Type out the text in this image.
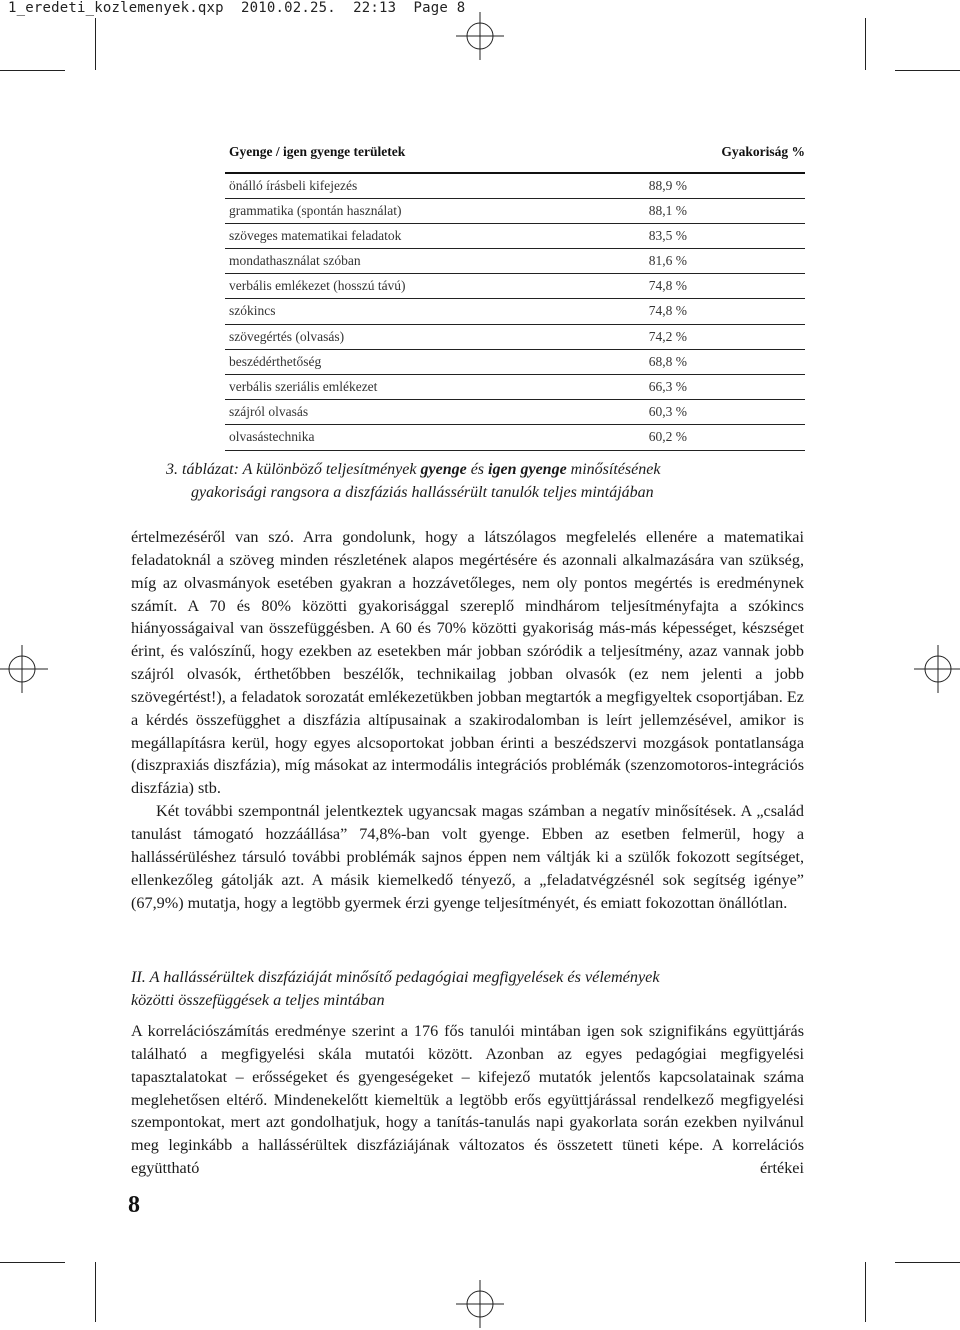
1_eredeti_kozlemenyek.qxp  2010.02.25.  22:13  Page 8
Gyenge / igen gyenge területek	Gyakoriság %
önálló írásbeli kifejezés	88,9 %
grammatika (spontán használat)	88,1 %
szöveges matematikai feladatok	83,5 %
mondathasználat szóban	81,6 %
verbális emlékezet (hosszú távú)	74,8 %
szókincs	74,8 %
szövegértés (olvasás)	74,2 %
beszédérthetőség	68,8 %
verbális szeriális emlékezet	66,3 %
szájról olvasás	60,3 %
olvasástechnika	60,2 %
3. táblázat: A különböző teljesítmények gyenge és igen gyenge minősítésének
gyakorisági rangsora a diszfáziás hallássérült tanulók teljes mintájában

értelmezéséről van szó. Arra gondolunk, hogy a látszólagos megfelelés ellenére a matematikai feladatoknál a szöveg minden részletének alapos megértésére és azonnali alkalmazására van szükség, míg az olvasmányok esetében gyakran a hozzávetőleges, nem oly pontos megértés is eredménynek számít. A 70 és 80% közötti gyakorisággal szereplő mindhárom teljesítményfajta a szókincs hiányosságaival van összefüggésben. A 60 és 70% közötti gyakoriság más-más képességet, készséget érint, és valószínű, hogy ezekben az esetekben már jobban szóródik a teljesítmény, azaz vannak jobb szájról olvasók, érthetőbben beszélők, technikailag jobban olvasók (ez nem jelenti a jobb szövegértést!), a feladatok sorozatát emlékezetükben jobban megtartók a megfigyeltek csoportjában. Ez a kérdés összefügghet a diszfázia altípusainak a szakirodalomban is leírt jellemzésével, amikor is megállapításra kerül, hogy egyes alcsoportokat jobban érinti a beszédszervi mozgások pontatlansága (diszpraxiás diszfázia), míg másokat az intermodális integrációs problémák (szenzomotoros-integrációs diszfázia) stb.

Két további szempontnál jelentkeztek ugyancsak magas számban a negatív minősítések. A „család tanulást támogató hozzáállása” 74,8%-ban volt gyenge. Ebben az esetben felmerül, hogy a hallássérüléshez társuló további problémák sajnos éppen nem váltják ki a szülők fokozott segítséget, ellenkezőleg gátolják azt. A másik kiemelkedő tényező, a „feladatvégzésnél sok segítség igénye” (67,9%) mutatja, hogy a legtöbb gyermek érzi gyenge teljesítményét, és emiatt fokozottan önállótlan.

II. A hallássérültek diszfáziáját minősítő pedagógiai megfigyelések és vélemények
közötti összefüggések a teljes mintában

A korrelációszámítás eredménye szerint a 176 fős tanulói mintában igen sok szignifikáns együttjárás található a megfigyelési skála mutatói között. Azonban az egyes pedagógiai megfigyelési tapasztalatokat – erősségeket és gyengeségeket – kifejező mutatók jelentős kapcsolatainak száma meglehetősen eltérő. Mindenekelőtt kiemeltük a legtöbb erős együttjárással rendelkező megfigyelési szempontokat, mert azt gondolhatjuk, hogy a tanítás-tanulás napi gyakorlata során ezekben nyilvánul meg leginkább a hallássérültek diszfáziájának változatos és összetett tüneti képe. A korrelációs együttható értékei

8
